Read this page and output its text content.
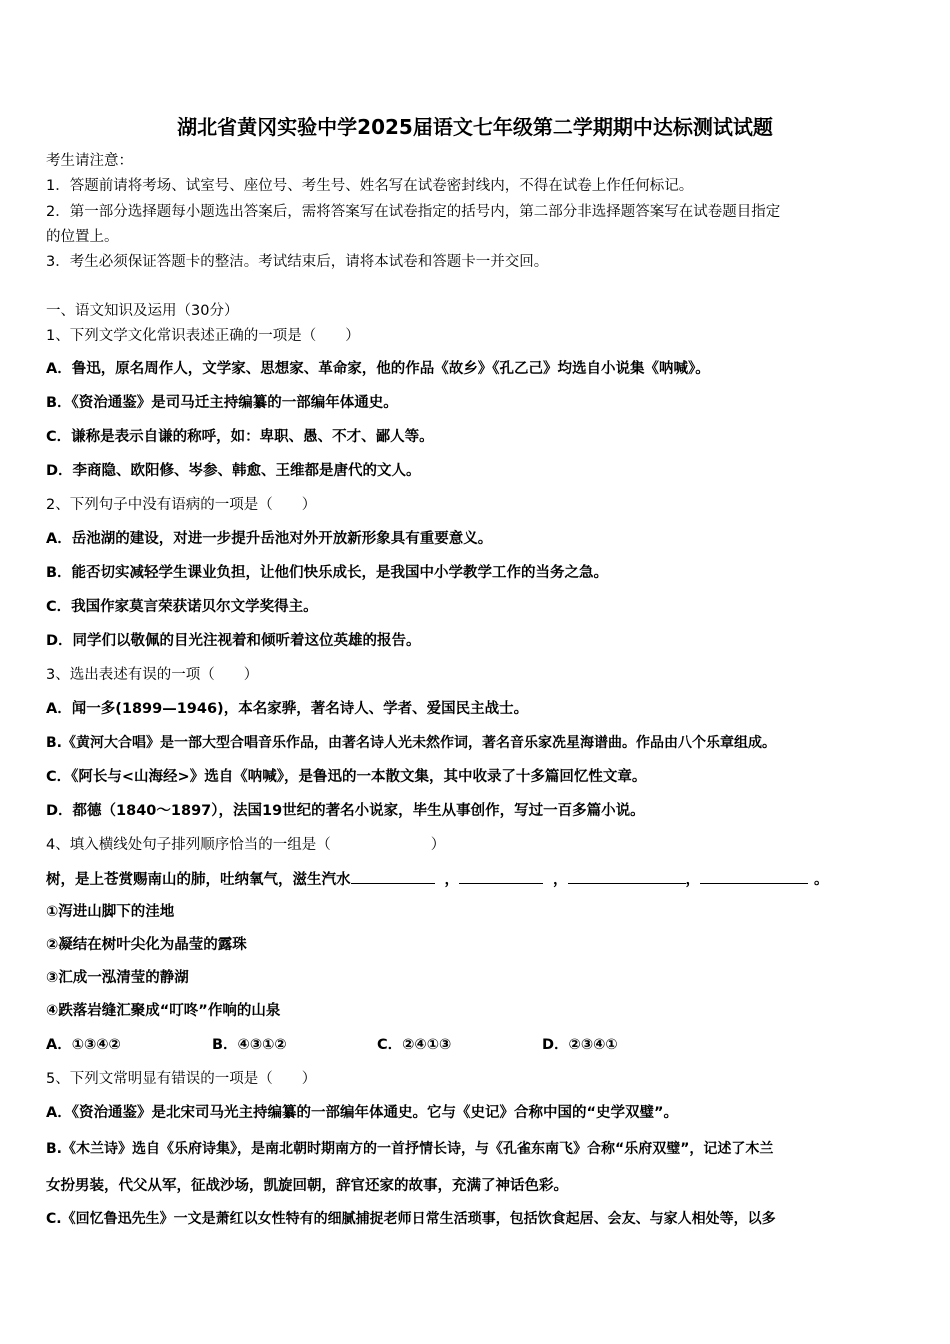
湖北省黄冈实验中学2025届语文七年级第二学期期中达标测试试题
考生请注意：
1．答题前请将考场、试室号、座位号、考生号、姓名写在试卷密封线内，不得在试卷上作任何标记。
2．第一部分选择题每小题选出答案后，需将答案写在试卷指定的括号内，第二部分非选择题答案写在试卷题目指定
的位置上。
3．考生必须保证答题卡的整洁。考试结束后，请将本试卷和答题卡一并交回。
一、语文知识及运用（30分）
1、下列文学文化常识表述正确的一项是（　　）
A．鲁迅，原名周作人，文学家、思想家、革命家，他的作品《故乡》《孔乙己》均选自小说集《呐喊》。
B．《资治通鉴》是司马迁主持编纂的一部编年体通史。
C．谦称是表示自谦的称呼，如：卑职、愚、不才、鄙人等。
D．李商隐、欧阳修、岑参、韩愈、王维都是唐代的文人。
2、下列句子中没有语病的一项是（　　）
A．岳池湖的建设，对进一步提升岳池对外开放新形象具有重要意义。
B．能否切实减轻学生课业负担，让他们快乐成长，是我国中小学教学工作的当务之急。
C．我国作家莫言荣获诺贝尔文学奖得主。
D．同学们以敬佩的目光注视着和倾听着这位英雄的报告。
3、选出表述有误的一项（　　）
A．闻一多(1899—1946)，本名家骅，著名诗人、学者、爱国民主战士。
B.《黄河大合唱》是一部大型合唱音乐作品，由著名诗人光未然作词，著名音乐家冼星海谱曲。作品由八个乐章组成。
C．《阿长与<山海经>》选自《呐喊》，是鲁迅的一本散文集，其中收录了十多篇回忆性文章。
D．都德（1840～1897），法国19世纪的著名小说家，毕生从事创作，写过一百多篇小说。
4、填入横线处句子排列顺序恰当的一组是（	）
树，是上苍赏赐南山的肺，吐纳氧气，滋生汽水	，	，	，	。
①泻进山脚下的洼地
②凝结在树叶尖化为晶莹的露珠
③汇成一泓清莹的静湖
④跌落岩缝汇聚成“叮咚”作响的山泉
A．①③④②	B．④③①②	C．②④①③	D．②③④①
5、下列文常明显有错误的一项是（　　）
A．《资治通鉴》是北宋司马光主持编纂的一部编年体通史。它与《史记》合称中国的“史学双璧”。
B.《木兰诗》选自《乐府诗集》，是南北朝时期南方的一首抒情长诗，与《孔雀东南飞》合称“乐府双璧”，记述了木兰
女扮男装，代父从军，征战沙场，凯旋回朝，辞官还家的故事，充满了神话色彩。
C.《回忆鲁迅先生》一文是萧红以女性特有的细腻捕捉老师日常生活琐事，包括饮食起居、会友、与家人相处等，以多
